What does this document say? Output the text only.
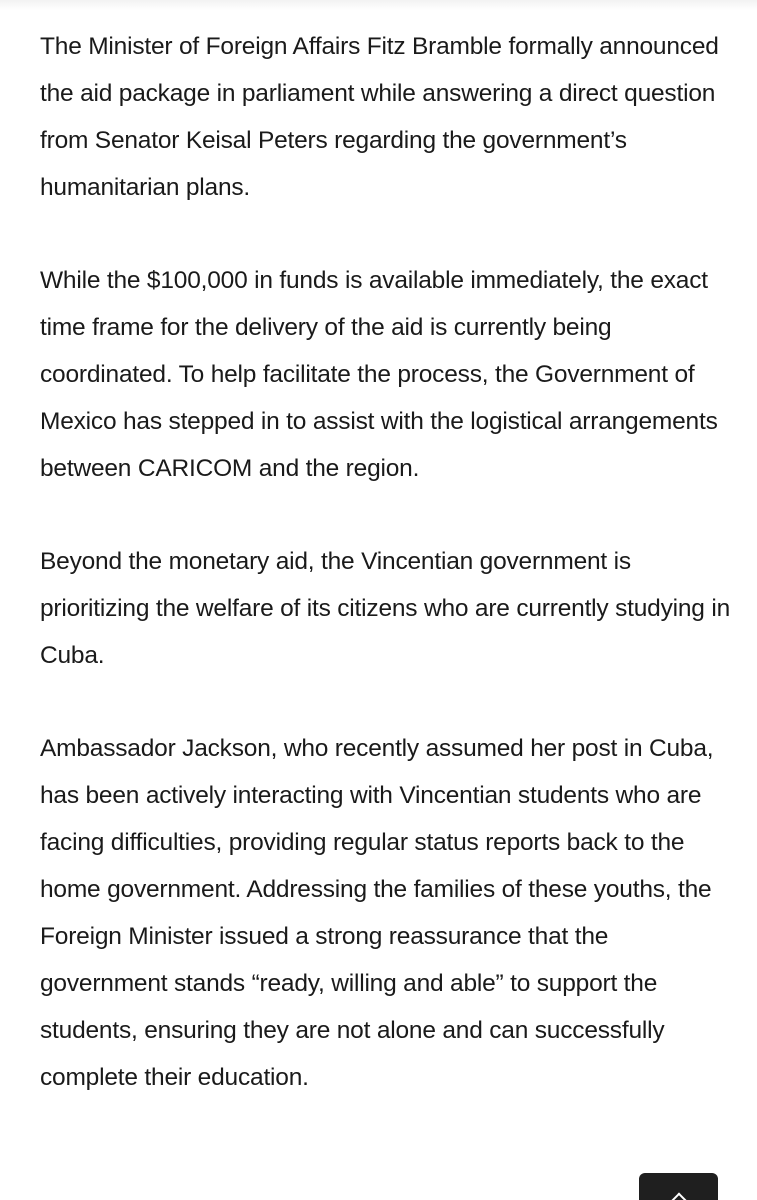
The Minister of Foreign Affairs Fitz Bramble formally announced the aid package in parliament while answering a direct question from Senator Keisal Peters regarding the government’s humanitarian plans.

While the $100,000 in funds is available immediately, the exact time frame for the delivery of the aid is currently being coordinated. To help facilitate the process, the Government of Mexico has stepped in to assist with the logistical arrangements between CARICOM and the region.

Beyond the monetary aid, the Vincentian government is prioritizing the welfare of its citizens who are currently studying in Cuba.

Ambassador Jackson, who recently assumed her post in Cuba, has been actively interacting with Vincentian students who are facing difficulties, providing regular status reports back to the home government. Addressing the families of these youths, the Foreign Minister issued a strong reassurance that the government stands “ready, willing and able” to support the students, ensuring they are not alone and can successfully complete their education.
